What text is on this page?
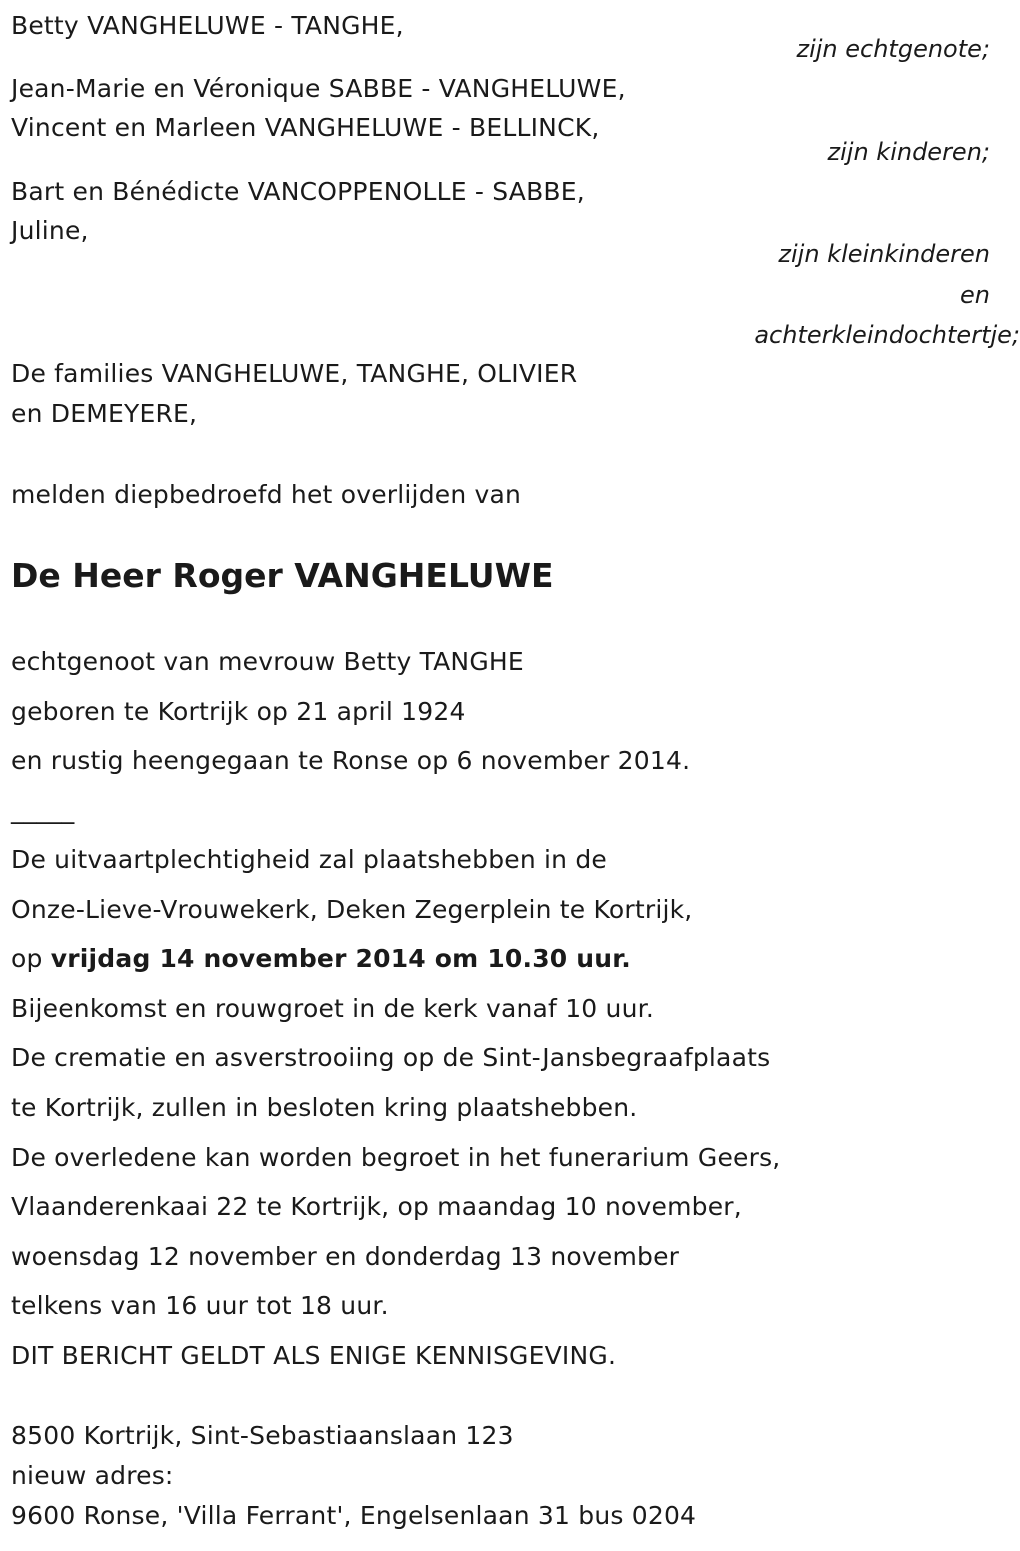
Betty VANGHELUWE - TANGHE,
zijn echtgenote;
Jean-Marie en Véronique SABBE - VANGHELUWE,
Vincent en Marleen VANGHELUWE - BELLINCK,
zijn kinderen;
Bart en Bénédicte VANCOPPENOLLE - SABBE,
Juline,
zijn kleinkinderen
en
achterkleindochtertje;
De families VANGHELUWE, TANGHE, OLIVIER
en DEMEYERE,
melden diepbedroefd het overlijden van
De Heer Roger VANGHELUWE
echtgenoot van mevrouw Betty TANGHE
geboren te Kortrijk op 21 april 1924
en rustig heengegaan te Ronse op 6 november 2014.
_____
De uitvaartplechtigheid zal plaatshebben in de
Onze-Lieve-Vrouwekerk, Deken Zegerplein te Kortrijk,
op vrijdag 14 november 2014 om 10.30 uur.
Bijeenkomst en rouwgroet in de kerk vanaf 10 uur.
De crematie en asverstrooiing op de Sint-Jansbegraafplaats
te Kortrijk, zullen in besloten kring plaatshebben.
De overledene kan worden begroet in het funerarium Geers,
Vlaanderenkaai 22 te Kortrijk, op maandag 10 november,
woensdag 12 november en donderdag 13 november
telkens van 16 uur tot 18 uur.
DIT BERICHT GELDT ALS ENIGE KENNISGEVING.
8500 Kortrijk, Sint-Sebastiaanslaan 123
nieuw adres:
9600 Ronse, 'Villa Ferrant', Engelsenlaan 31 bus 0204
